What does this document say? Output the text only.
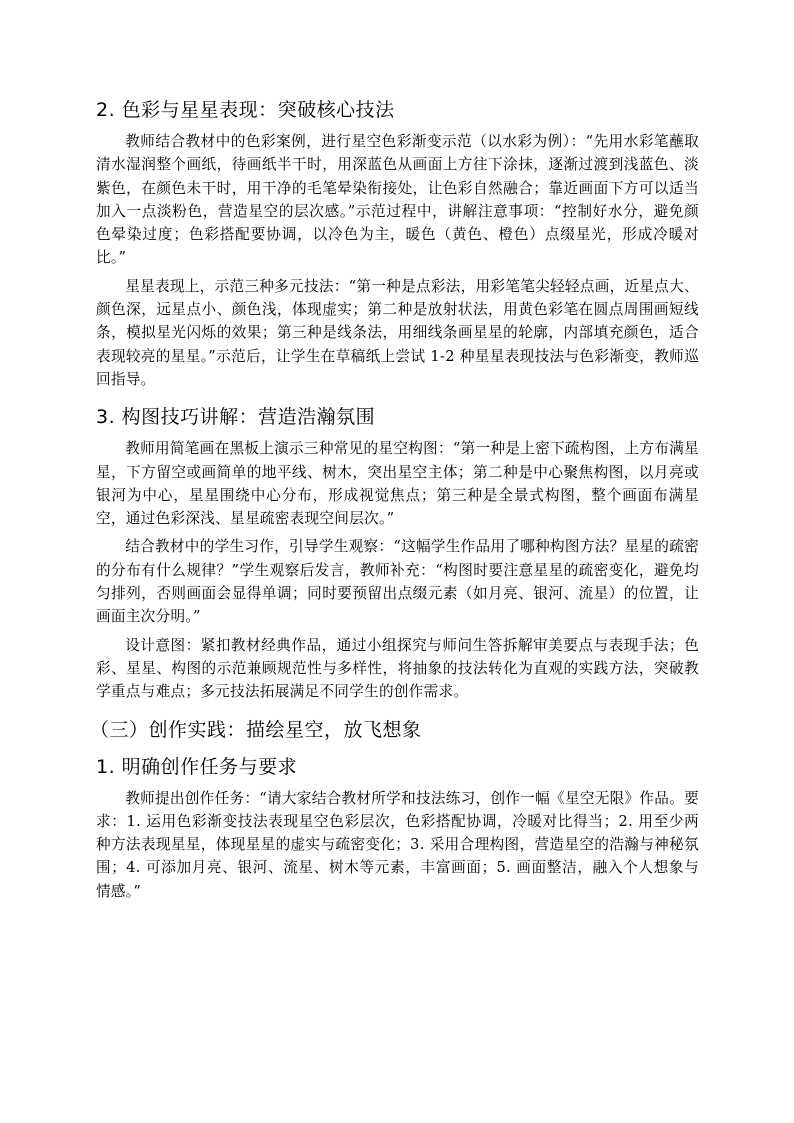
2. 色彩与星星表现：突破核心技法

教师结合教材中的色彩案例，进行星空色彩渐变示范（以水彩为例）：“先用水彩笔蘸取清水湿润整个画纸，待画纸半干时，用深蓝色从画面上方往下涂抹，逐渐过渡到浅蓝色、淡紫色，在颜色未干时，用干净的毛笔晕染衔接处，让色彩自然融合；靠近画面下方可以适当加入一点淡粉色，营造星空的层次感。”示范过程中，讲解注意事项：“控制好水分，避免颜色晕染过度；色彩搭配要协调，以冷色为主，暖色（黄色、橙色）点缀星光，形成冷暖对比。”

星星表现上，示范三种多元技法：“第一种是点彩法，用彩笔笔尖轻轻点画，近星点大、颜色深，远星点小、颜色浅，体现虚实；第二种是放射状法，用黄色彩笔在圆点周围画短线条，模拟星光闪烁的效果；第三种是线条法，用细线条画星星的轮廓，内部填充颜色，适合表现较亮的星星。”示范后，让学生在草稿纸上尝试 1-2 种星星表现技法与色彩渐变，教师巡回指导。

3. 构图技巧讲解：营造浩瀚氛围

教师用简笔画在黑板上演示三种常见的星空构图：“第一种是上密下疏构图，上方布满星星，下方留空或画简单的地平线、树木，突出星空主体；第二种是中心聚焦构图，以月亮或银河为中心，星星围绕中心分布，形成视觉焦点；第三种是全景式构图，整个画面布满星空，通过色彩深浅、星星疏密表现空间层次。”

结合教材中的学生习作，引导学生观察：“这幅学生作品用了哪种构图方法？星星的疏密的分布有什么规律？”学生观察后发言，教师补充：“构图时要注意星星的疏密变化，避免均匀排列，否则画面会显得单调；同时要预留出点缀元素（如月亮、银河、流星）的位置，让画面主次分明。”

设计意图：紧扣教材经典作品，通过小组探究与师问生答拆解审美要点与表现手法；色彩、星星、构图的示范兼顾规范性与多样性，将抽象的技法转化为直观的实践方法，突破教学重点与难点；多元技法拓展满足不同学生的创作需求。

（三）创作实践：描绘星空，放飞想象
1. 明确创作任务与要求

教师提出创作任务：“请大家结合教材所学和技法练习，创作一幅《星空无限》作品。要求：1. 运用色彩渐变技法表现星空色彩层次，色彩搭配协调，冷暖对比得当；2. 用至少两种方法表现星星，体现星星的虚实与疏密变化；3. 采用合理构图，营造星空的浩瀚与神秘氛围；4. 可添加月亮、银河、流星、树木等元素，丰富画面；5. 画面整洁，融入个人想象与情感。”
